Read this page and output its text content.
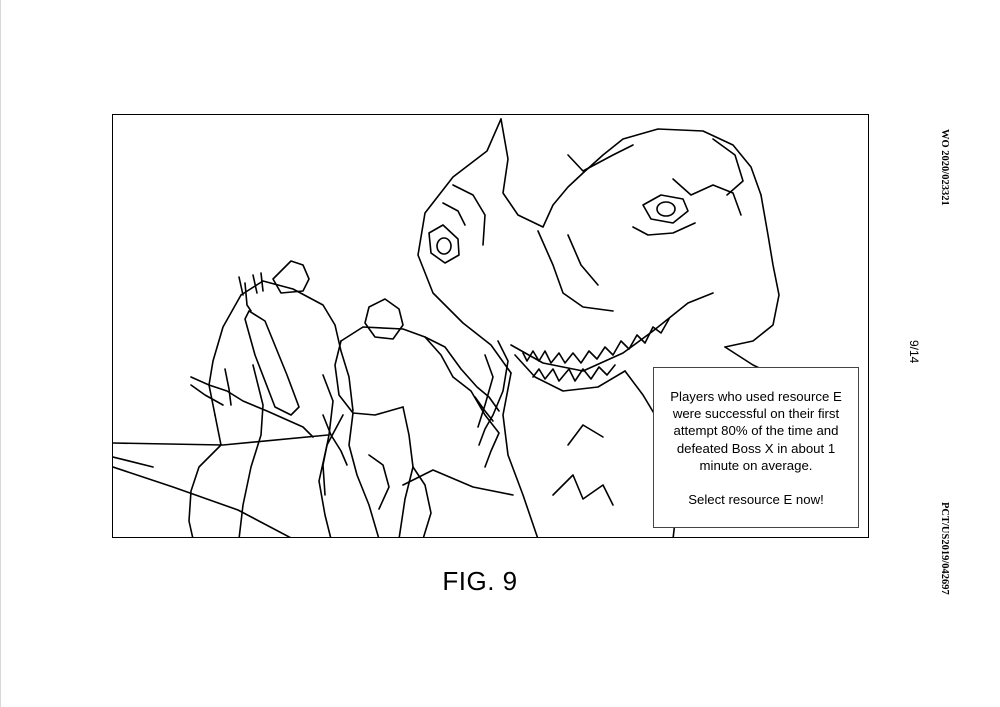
WO 2020/023321
9/14
PCT/US2019/042697
Players who used resource E
were successful on their first
attempt 80% of the time and
defeated Boss X in about 1
minute on average.
Select resource E now!
FIG. 9
